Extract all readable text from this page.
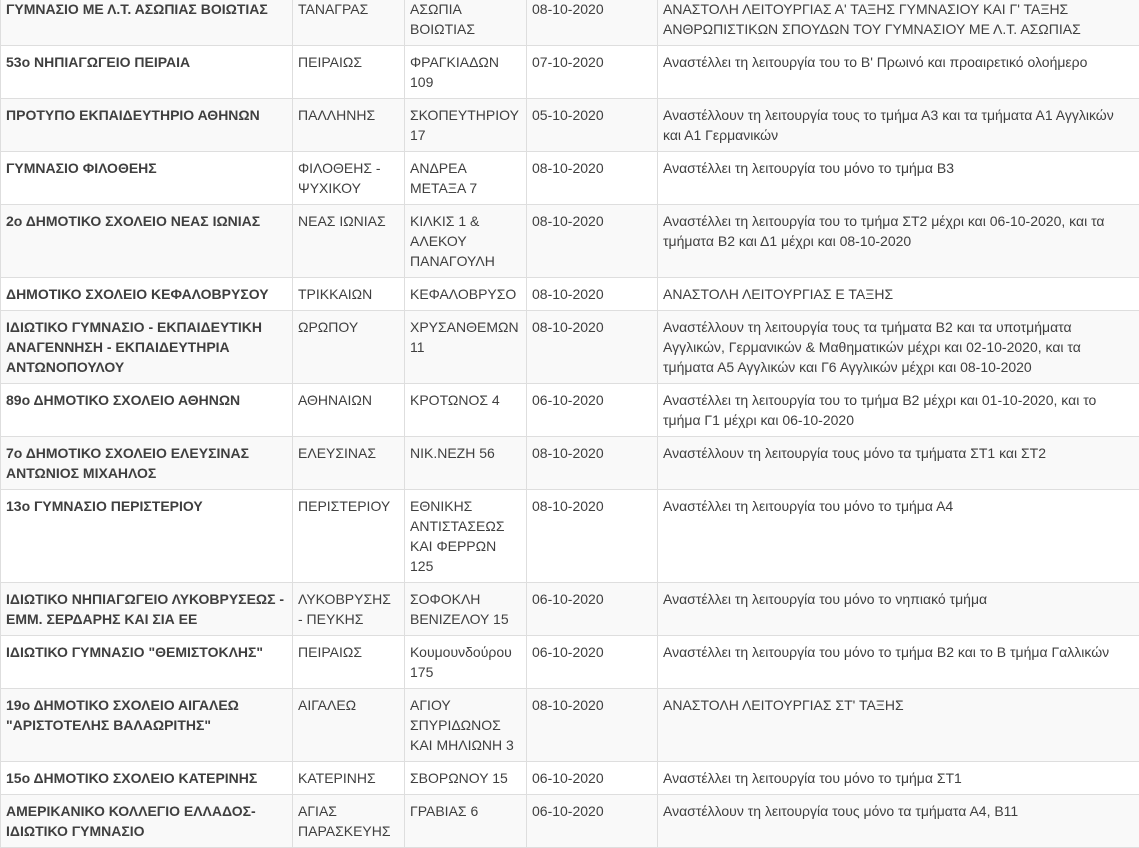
ΓΥΜΝΑΣΙΟ ΜΕ Λ.Τ. ΑΣΩΠΙΑΣ ΒΟΙΩΤΙΑΣ	ΤΑΝΑΓΡΑΣ	ΑΣΩΠΙΑ ΒΟΙΩΤΙΑΣ	08-10-2020	ΑΝΑΣΤΟΛΗ ΛΕΙΤΟΥΡΓΙΑΣ Α' ΤΑΞΗΣ ΓΥΜΝΑΣΙΟΥ ΚΑΙ Γ' ΤΑΞΗΣ ΑΝΘΡΩΠΙΣΤΙΚΩΝ ΣΠΟΥΔΩΝ ΤΟΥ ΓΥΜΝΑΣΙΟΥ ΜΕ Λ.Τ. ΑΣΩΠΙΑΣ
53ο ΝΗΠΙΑΓΩΓΕΙΟ ΠΕΙΡΑΙΑ	ΠΕΙΡΑΙΩΣ	ΦΡΑΓΚΙΑΔΩΝ 109	07-10-2020	Αναστέλλει τη λειτουργία του το Β' Πρωινό και προαιρετικό ολοήμερο
ΠΡΟΤΥΠΟ ΕΚΠΑΙΔΕΥΤΗΡΙΟ ΑΘΗΝΩΝ	ΠΑΛΛΗΝΗΣ	ΣΚΟΠΕΥΤΗΡΙΟΥ 17	05-10-2020	Αναστέλλουν τη λειτουργία τους το τμήμα Α3 και τα τμήματα Α1 Αγγλικών και Α1 Γερμανικών
ΓΥΜΝΑΣΙΟ ΦΙΛΟΘΕΗΣ	ΦΙΛΟΘΕΗΣ - ΨΥΧΙΚΟΥ	ΑΝΔΡΕΑ ΜΕΤΑΞΑ 7	08-10-2020	Αναστέλλει τη λειτουργία του μόνο το τμήμα Β3
2ο ΔΗΜΟΤΙΚΟ ΣΧΟΛΕΙΟ ΝΕΑΣ ΙΩΝΙΑΣ	ΝΕΑΣ ΙΩΝΙΑΣ	ΚΙΛΚΙΣ 1 & ΑΛΕΚΟΥ ΠΑΝΑΓΟΥΛΗ	08-10-2020	Αναστέλλει τη λειτουργία του το τμήμα ΣΤ2 μέχρι και 06-10-2020, και τα τμήματα Β2 και Δ1 μέχρι και 08-10-2020
ΔΗΜΟΤΙΚΟ ΣΧΟΛΕΙΟ ΚΕΦΑΛΟΒΡΥΣΟΥ	ΤΡΙΚΚΑΙΩΝ	ΚΕΦΑΛΟΒΡΥΣΟ	08-10-2020	ΑΝΑΣΤΟΛΗ ΛΕΙΤΟΥΡΓΙΑΣ Ε ΤΑΞΗΣ
ΙΔΙΩΤΙΚΟ ΓΥΜΝΑΣΙΟ - ΕΚΠΑΙΔΕΥΤΙΚΗ ΑΝΑΓΕΝΝΗΣΗ - ΕΚΠΑΙΔΕΥΤΗΡΙΑ ΑΝΤΩΝΟΠΟΥΛΟΥ	ΩΡΩΠΟΥ	ΧΡΥΣΑΝΘΕΜΩΝ 11	08-10-2020	Αναστέλλουν τη λειτουργία τους τα τμήματα Β2 και τα υποτμήματα Αγγλικών, Γερμανικών & Μαθηματικών μέχρι και 02-10-2020, και τα τμήματα Α5 Αγγλικών και Γ6 Αγγλικών μέχρι και 08-10-2020
89ο ΔΗΜΟΤΙΚΟ ΣΧΟΛΕΙΟ ΑΘΗΝΩΝ	ΑΘΗΝΑΙΩΝ	ΚΡΟΤΩΝΟΣ 4	06-10-2020	Αναστέλλει τη λειτουργία του το τμήμα Β2 μέχρι και 01-10-2020, και το τμήμα Γ1 μέχρι και 06-10-2020
7ο ΔΗΜΟΤΙΚΟ ΣΧΟΛΕΙΟ ΕΛΕΥΣΙΝΑΣ ΑΝΤΩΝΙΟΣ ΜΙΧΑΗΛΟΣ	ΕΛΕΥΣΙΝΑΣ	ΝΙΚ.ΝΕΖΗ 56	08-10-2020	Αναστέλλουν τη λειτουργία τους μόνο τα τμήματα ΣΤ1 και ΣΤ2
13ο ΓΥΜΝΑΣΙΟ ΠΕΡΙΣΤΕΡΙΟΥ	ΠΕΡΙΣΤΕΡΙΟΥ	ΕΘΝΙΚΗΣ ΑΝΤΙΣΤΑΣΕΩΣ ΚΑΙ ΦΕΡΡΩΝ 125	08-10-2020	Αναστέλλει τη λειτουργία του μόνο το τμήμα Α4
ΙΔΙΩΤΙΚΟ ΝΗΠΙΑΓΩΓΕΙΟ ΛΥΚΟΒΡΥΣΕΩΣ - ΕΜΜ. ΣΕΡΔΑΡΗΣ ΚΑΙ ΣΙΑ ΕΕ	ΛΥΚΟΒΡΥΣΗΣ - ΠΕΥΚΗΣ	ΣΟΦΟΚΛΗ ΒΕΝΙΖΕΛΟΥ 15	06-10-2020	Αναστέλλει τη λειτουργία του μόνο το νηπιακό τμήμα
ΙΔΙΩΤΙΚΟ ΓΥΜΝΑΣΙΟ "ΘΕΜΙΣΤΟΚΛΗΣ"	ΠΕΙΡΑΙΩΣ	Κουμουνδούρου 175	06-10-2020	Αναστέλλει τη λειτουργία του μόνο το τμήμα Β2 και το Β τμήμα Γαλλικών
19ο ΔΗΜΟΤΙΚΟ ΣΧΟΛΕΙΟ ΑΙΓΑΛΕΩ "ΑΡΙΣΤΟΤΕΛΗΣ ΒΑΛΑΩΡΙΤΗΣ"	ΑΙΓΑΛΕΩ	ΑΓΙΟΥ ΣΠΥΡΙΔΩΝΟΣ ΚΑΙ ΜΗΛΙΩΝΗ 3	08-10-2020	ΑΝΑΣΤΟΛΗ ΛΕΙΤΟΥΡΓΙΑΣ ΣΤ' ΤΑΞΗΣ
15ο ΔΗΜΟΤΙΚΟ ΣΧΟΛΕΙΟ ΚΑΤΕΡΙΝΗΣ	ΚΑΤΕΡΙΝΗΣ	ΣΒΟΡΩΝΟΥ 15	06-10-2020	Αναστέλλει τη λειτουργία του μόνο το τμήμα ΣΤ1
ΑΜΕΡΙΚΑΝΙΚΟ ΚΟΛΛΕΓΙΟ ΕΛΛΑΔΟΣ- ΙΔΙΩΤΙΚΟ ΓΥΜΝΑΣΙΟ	ΑΓΙΑΣ ΠΑΡΑΣΚΕΥΗΣ	ΓΡΑΒΙΑΣ 6	06-10-2020	Αναστέλλουν τη λειτουργία τους μόνο τα τμήματα Α4, Β11
